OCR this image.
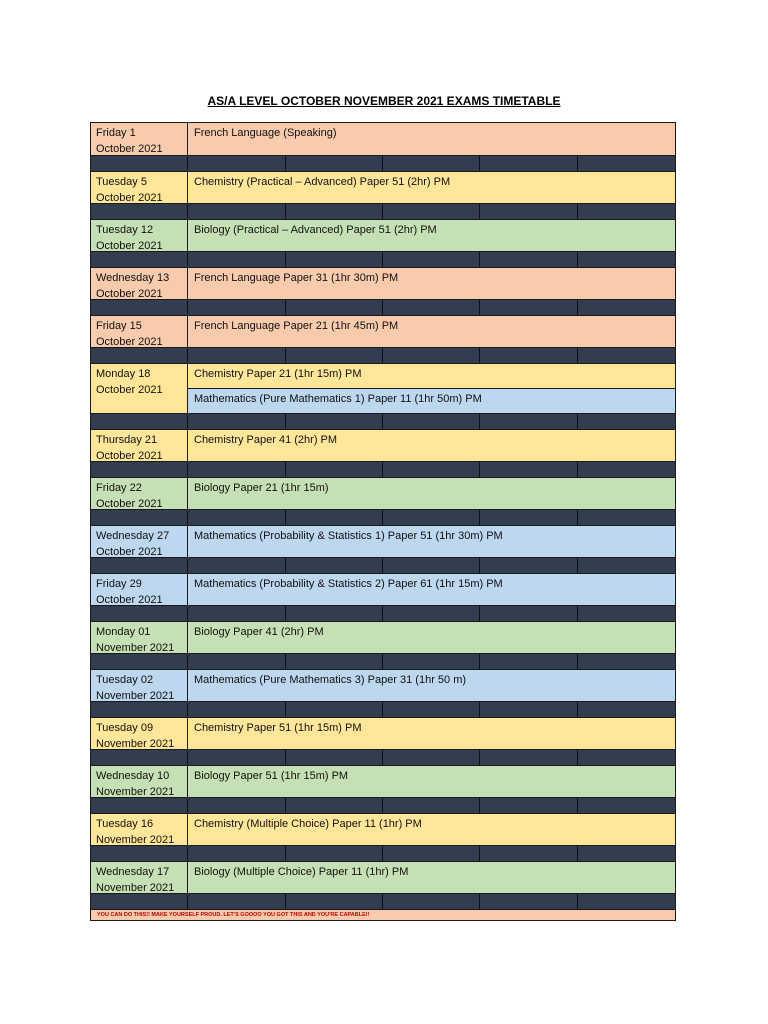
AS/A LEVEL OCTOBER NOVEMBER 2021 EXAMS TIMETABLE
Friday 1
October 2021
French Language (Speaking)
Tuesday 5
October 2021
Chemistry (Practical – Advanced) Paper 51 (2hr) PM
Tuesday 12
October 2021
Biology (Practical – Advanced) Paper 51 (2hr) PM
Wednesday 13
October 2021
French Language Paper 31 (1hr 30m) PM
Friday 15
October 2021
French Language Paper 21 (1hr 45m) PM
Monday 18
October 2021
Chemistry Paper 21 (1hr 15m) PM
Mathematics (Pure Mathematics 1) Paper 11 (1hr 50m) PM
Thursday 21
October 2021
Chemistry Paper 41 (2hr) PM
Friday 22
October 2021
Biology Paper 21 (1hr 15m)
Wednesday 27
October 2021
Mathematics (Probability & Statistics 1) Paper 51 (1hr 30m) PM
Friday 29
October 2021
Mathematics (Probability & Statistics 2) Paper 61 (1hr 15m) PM
Monday 01
November 2021
Biology Paper 41 (2hr) PM
Tuesday 02
November 2021
Mathematics (Pure Mathematics 3) Paper 31 (1hr 50 m)
Tuesday 09
November 2021
Chemistry Paper 51 (1hr 15m) PM
Wednesday 10
November 2021
Biology Paper 51 (1hr 15m) PM
Tuesday 16
November 2021
Chemistry (Multiple Choice) Paper 11 (1hr) PM
Wednesday 17
November 2021
Biology (Multiple Choice) Paper 11 (1hr) PM
YOU CAN DO THIS!! MAKE YOURSELF PROUD. LET'S GOOOO YOU GOT THIS AND YOU'RE CAPABLE!!
